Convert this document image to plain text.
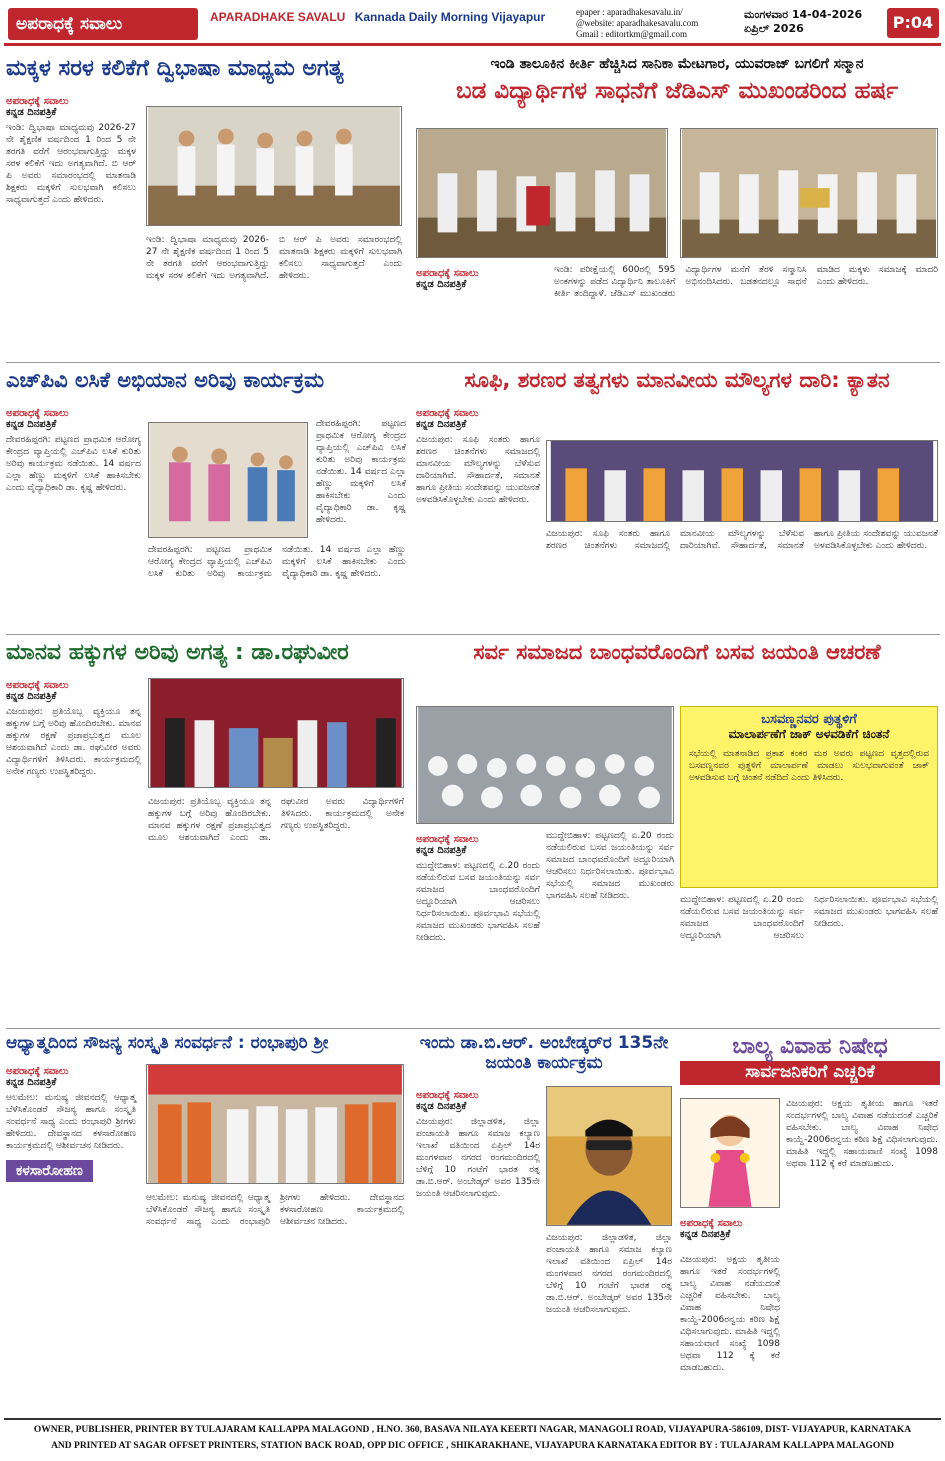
ಅಪರಾಧಕ್ಕೆ ಸವಾಲು	APARADHAKE SAVALU Kannada Daily Morning Vijayapur	epaper : aparadhakesavalu.in/
@website: aparadhakesavalu.com
Gmail : editortkm@gmail.com
ಮಂಗಳವಾರ 14-04-2026
ಏಪ್ರಿಲ್ 2026	P:04
ಮಕ್ಕಳ ಸರಳ ಕಲಿಕೆಗೆ ದ್ವಿಭಾಷಾ ಮಾಧ್ಯಮ ಅಗತ್ಯ
ಅಪರಾಧಕ್ಕೆ ಸವಾಲು
ಕನ್ನಡ ದಿನಪತ್ರಿಕೆ
ಇಂಡಿ: ದ್ವಿಭಾಷಾ ಮಾಧ್ಯಮವು 2026-27 ನೇ ಶೈಕ್ಷಣಿಕ ವರ್ಷದಿಂದ 1 ರಿಂದ 5 ನೇ ತರಗತಿ ವರೆಗೆ ಆರಂಭವಾಗುತ್ತಿದ್ದು ಮಕ್ಕಳ ಸರಳ ಕಲಿಕೆಗೆ ಇದು ಅಗತ್ಯವಾಗಿದೆ. ಬಿ ಆರ್ ಪಿ ಅವರು ಸಮಾರಂಭದಲ್ಲಿ ಮಾತನಾಡಿ ಶಿಕ್ಷಕರು ಮಕ್ಕಳಿಗೆ ಸುಲಭವಾಗಿ ಕಲಿಸಲು ಸಾಧ್ಯವಾಗುತ್ತದೆ ಎಂದು ಹೇಳಿದರು.
ಇಂಡಿ: ದ್ವಿಭಾಷಾ ಮಾಧ್ಯಮವು 2026-27 ನೇ ಶೈಕ್ಷಣಿಕ ವರ್ಷದಿಂದ 1 ರಿಂದ 5 ನೇ ತರಗತಿ ವರೆಗೆ ಆರಂಭವಾಗುತ್ತಿದ್ದು ಮಕ್ಕಳ ಸರಳ ಕಲಿಕೆಗೆ ಇದು ಅಗತ್ಯವಾಗಿದೆ. ಬಿ ಆರ್ ಪಿ ಅವರು ಸಮಾರಂಭದಲ್ಲಿ ಮಾತನಾಡಿ ಶಿಕ್ಷಕರು ಮಕ್ಕಳಿಗೆ ಸುಲಭವಾಗಿ ಕಲಿಸಲು ಸಾಧ್ಯವಾಗುತ್ತದೆ ಎಂದು ಹೇಳಿದರು.
ಇಂಡಿ ತಾಲೂಕಿನ ಕೀರ್ತಿ ಹೆಚ್ಚಿಸಿದ ಸಾನಿಕಾ ಮೇಟಗಾರ, ಯುವರಾಜ್ ಬಗಲಿಗೆ ಸನ್ಮಾನ
ಬಡ ವಿದ್ಯಾರ್ಥಿಗಳ ಸಾಧನೆಗೆ ಜೆಡಿಎಸ್ ಮುಖಂಡರಿಂದ ಹರ್ಷ
ಅಪರಾಧಕ್ಕೆ ಸವಾಲು
ಕನ್ನಡ ದಿನಪತ್ರಿಕೆ
ಇಂಡಿ: ಪರೀಕ್ಷೆಯಲ್ಲಿ 600ರಲ್ಲಿ 595 ಅಂಕಗಳನ್ನು ಪಡೆದ ವಿದ್ಯಾರ್ಥಿನಿ ತಾಲೂಕಿಗೆ ಕೀರ್ತಿ ತಂದಿದ್ದಾಳೆ. ಜೆಡಿಎಸ್ ಮುಖಂಡರು ವಿದ್ಯಾರ್ಥಿಗಳ ಮನೆಗೆ ತೆರಳಿ ಸನ್ಮಾನಿಸಿ ಅಭಿನಂದಿಸಿದರು. ಬಡತನದಲ್ಲೂ ಸಾಧನೆ ಮಾಡಿದ ಮಕ್ಕಳು ಸಮಾಜಕ್ಕೆ ಮಾದರಿ ಎಂದು ಹೇಳಿದರು.
ಎಚ್‌ಪಿವಿ ಲಸಿಕೆ ಅಭಿಯಾನ ಅರಿವು ಕಾರ್ಯಕ್ರಮ
ಅಪರಾಧಕ್ಕೆ ಸವಾಲು
ಕನ್ನಡ ದಿನಪತ್ರಿಕೆ
ದೇವರಹಿಪ್ಪರಗಿ: ಪಟ್ಟಣದ ಪ್ರಾಥಮಿಕ ಆರೋಗ್ಯ ಕೇಂದ್ರದ ವ್ಯಾಪ್ತಿಯಲ್ಲಿ ಎಚ್‌ಪಿವಿ ಲಸಿಕೆ ಕುರಿತು ಅರಿವು ಕಾರ್ಯಕ್ರಮ ನಡೆಯಿತು. 14 ವರ್ಷದ ಎಲ್ಲಾ ಹೆಣ್ಣು ಮಕ್ಕಳಿಗೆ ಲಸಿಕೆ ಹಾಕಿಸಬೇಕು ಎಂದು ವೈದ್ಯಾಧಿಕಾರಿ ಡಾ. ಕೃಷ್ಣ ಹೇಳಿದರು.
ದೇವರಹಿಪ್ಪರಗಿ: ಪಟ್ಟಣದ ಪ್ರಾಥಮಿಕ ಆರೋಗ್ಯ ಕೇಂದ್ರದ ವ್ಯಾಪ್ತಿಯಲ್ಲಿ ಎಚ್‌ಪಿವಿ ಲಸಿಕೆ ಕುರಿತು ಅರಿವು ಕಾರ್ಯಕ್ರಮ ನಡೆಯಿತು. 14 ವರ್ಷದ ಎಲ್ಲಾ ಹೆಣ್ಣು ಮಕ್ಕಳಿಗೆ ಲಸಿಕೆ ಹಾಕಿಸಬೇಕು ಎಂದು ವೈದ್ಯಾಧಿಕಾರಿ ಡಾ. ಕೃಷ್ಣ ಹೇಳಿದರು.
ದೇವರಹಿಪ್ಪರಗಿ: ಪಟ್ಟಣದ ಪ್ರಾಥಮಿಕ ಆರೋಗ್ಯ ಕೇಂದ್ರದ ವ್ಯಾಪ್ತಿಯಲ್ಲಿ ಎಚ್‌ಪಿವಿ ಲಸಿಕೆ ಕುರಿತು ಅರಿವು ಕಾರ್ಯಕ್ರಮ ನಡೆಯಿತು. 14 ವರ್ಷದ ಎಲ್ಲಾ ಹೆಣ್ಣು ಮಕ್ಕಳಿಗೆ ಲಸಿಕೆ ಹಾಕಿಸಬೇಕು ಎಂದು ವೈದ್ಯಾಧಿಕಾರಿ ಡಾ. ಕೃಷ್ಣ ಹೇಳಿದರು.
ಸೂಫಿ, ಶರಣರ ತತ್ವಗಳು ಮಾನವೀಯ ಮೌಲ್ಯಗಳ ದಾರಿ: ಕ್ಯಾತನ
ಅಪರಾಧಕ್ಕೆ ಸವಾಲು
ಕನ್ನಡ ದಿನಪತ್ರಿಕೆ
ವಿಜಯಪುರ: ಸೂಫಿ ಸಂತರು ಹಾಗೂ ಶರಣರ ಚಿಂತನೆಗಳು ಸಮಾಜದಲ್ಲಿ ಮಾನವೀಯ ಮೌಲ್ಯಗಳನ್ನು ಬೆಳೆಸುವ ದಾರಿಯಾಗಿವೆ. ಸೌಹಾರ್ದತೆ, ಸಮಾನತೆ ಹಾಗೂ ಪ್ರೀತಿಯ ಸಂದೇಶವನ್ನು ಯುವಜನತೆ ಅಳವಡಿಸಿಕೊಳ್ಳಬೇಕು ಎಂದು ಹೇಳಿದರು.
ವಿಜಯಪುರ: ಸೂಫಿ ಸಂತರು ಹಾಗೂ ಶರಣರ ಚಿಂತನೆಗಳು ಸಮಾಜದಲ್ಲಿ ಮಾನವೀಯ ಮೌಲ್ಯಗಳನ್ನು ಬೆಳೆಸುವ ದಾರಿಯಾಗಿವೆ. ಸೌಹಾರ್ದತೆ, ಸಮಾನತೆ ಹಾಗೂ ಪ್ರೀತಿಯ ಸಂದೇಶವನ್ನು ಯುವಜನತೆ ಅಳವಡಿಸಿಕೊಳ್ಳಬೇಕು ಎಂದು ಹೇಳಿದರು.
ಮಾನವ ಹಕ್ಕುಗಳ ಅರಿವು ಅಗತ್ಯ : ಡಾ.ರಘುವೀರ
ಅಪರಾಧಕ್ಕೆ ಸವಾಲು
ಕನ್ನಡ ದಿನಪತ್ರಿಕೆ
ವಿಜಯಪುರ: ಪ್ರತಿಯೊಬ್ಬ ವ್ಯಕ್ತಿಯೂ ತನ್ನ ಹಕ್ಕುಗಳ ಬಗ್ಗೆ ಅರಿವು ಹೊಂದಿರಬೇಕು. ಮಾನವ ಹಕ್ಕುಗಳ ರಕ್ಷಣೆ ಪ್ರಜಾಪ್ರಭುತ್ವದ ಮೂಲ ಆಶಯವಾಗಿದೆ ಎಂದು ಡಾ. ರಘುವೀರ ಅವರು ವಿದ್ಯಾರ್ಥಿಗಳಿಗೆ ತಿಳಿಸಿದರು. ಕಾರ್ಯಕ್ರಮದಲ್ಲಿ ಅನೇಕ ಗಣ್ಯರು ಉಪಸ್ಥಿತರಿದ್ದರು.
ವಿಜಯಪುರ: ಪ್ರತಿಯೊಬ್ಬ ವ್ಯಕ್ತಿಯೂ ತನ್ನ ಹಕ್ಕುಗಳ ಬಗ್ಗೆ ಅರಿವು ಹೊಂದಿರಬೇಕು. ಮಾನವ ಹಕ್ಕುಗಳ ರಕ್ಷಣೆ ಪ್ರಜಾಪ್ರಭುತ್ವದ ಮೂಲ ಆಶಯವಾಗಿದೆ ಎಂದು ಡಾ. ರಘುವೀರ ಅವರು ವಿದ್ಯಾರ್ಥಿಗಳಿಗೆ ತಿಳಿಸಿದರು. ಕಾರ್ಯಕ್ರಮದಲ್ಲಿ ಅನೇಕ ಗಣ್ಯರು ಉಪಸ್ಥಿತರಿದ್ದರು.
ಸರ್ವ ಸಮಾಜದ ಬಾಂಧವರೊಂದಿಗೆ ಬಸವ ಜಯಂತಿ ಆಚರಣೆ
ಅಪರಾಧಕ್ಕೆ ಸವಾಲು
ಕನ್ನಡ ದಿನಪತ್ರಿಕೆ
ಮುದ್ದೇಬಿಹಾಳ: ಪಟ್ಟಣದಲ್ಲಿ ಏ.20 ರಂದು ನಡೆಯಲಿರುವ ಬಸವ ಜಯಂತಿಯನ್ನು ಸರ್ವ ಸಮಾಜದ ಬಾಂಧವರೊಂದಿಗೆ ಅದ್ದೂರಿಯಾಗಿ ಆಚರಿಸಲು ನಿರ್ಧರಿಸಲಾಯಿತು. ಪೂರ್ವಭಾವಿ ಸಭೆಯಲ್ಲಿ ಸಮಾಜದ ಮುಖಂಡರು ಭಾಗವಹಿಸಿ ಸಲಹೆ ನೀಡಿದರು.
ಮುದ್ದೇಬಿಹಾಳ: ಪಟ್ಟಣದಲ್ಲಿ ಏ.20 ರಂದು ನಡೆಯಲಿರುವ ಬಸವ ಜಯಂತಿಯನ್ನು ಸರ್ವ ಸಮಾಜದ ಬಾಂಧವರೊಂದಿಗೆ ಅದ್ದೂರಿಯಾಗಿ ಆಚರಿಸಲು ನಿರ್ಧರಿಸಲಾಯಿತು. ಪೂರ್ವಭಾವಿ ಸಭೆಯಲ್ಲಿ ಸಮಾಜದ ಮುಖಂಡರು ಭಾಗವಹಿಸಿ ಸಲಹೆ ನೀಡಿದರು.
ಬಸವಣ್ಣನವರ ಪುತ್ಥಳಿಗೆ
ಮಾಲಾರ್ಪಣೆಗೆ ಜಾಕ್ ಅಳವಡಿಕೆಗೆ ಚಿಂತನೆ
ಸಭೆಯಲ್ಲಿ ಮಾತನಾಡಿದ ಪ್ರಕಾಶ ಕಂಕರ ಮಠ ಅವರು ಪಟ್ಟಣದ ವೃತ್ತದಲ್ಲಿರುವ ಬಸವಣ್ಣನವರ ಪುತ್ಥಳಿಗೆ ಮಾಲಾರ್ಪಣೆ ಮಾಡಲು ಸುಲಭವಾಗುವಂತೆ ಜಾಕ್ ಅಳವಡಿಸುವ ಬಗ್ಗೆ ಚಿಂತನೆ ನಡೆದಿದೆ ಎಂದು ತಿಳಿಸಿದರು.
ಮುದ್ದೇಬಿಹಾಳ: ಪಟ್ಟಣದಲ್ಲಿ ಏ.20 ರಂದು ನಡೆಯಲಿರುವ ಬಸವ ಜಯಂತಿಯನ್ನು ಸರ್ವ ಸಮಾಜದ ಬಾಂಧವರೊಂದಿಗೆ ಅದ್ದೂರಿಯಾಗಿ ಆಚರಿಸಲು ನಿರ್ಧರಿಸಲಾಯಿತು. ಪೂರ್ವಭಾವಿ ಸಭೆಯಲ್ಲಿ ಸಮಾಜದ ಮುಖಂಡರು ಭಾಗವಹಿಸಿ ಸಲಹೆ ನೀಡಿದರು.
ಆಧ್ಯಾತ್ಮದಿಂದ ಸೌಜನ್ಯ ಸಂಸ್ಕೃತಿ ಸಂವರ್ಧನೆ : ರಂಭಾಪುರಿ ಶ್ರೀ
ಅಪರಾಧಕ್ಕೆ ಸವಾಲು
ಕನ್ನಡ ದಿನಪತ್ರಿಕೆ
ಆಲಮೇಲ: ಮನುಷ್ಯ ಜೀವನದಲ್ಲಿ ಆಧ್ಯಾತ್ಮ ಬೆಳೆಸಿಕೊಂಡರೆ ಸೌಜನ್ಯ ಹಾಗೂ ಸಂಸ್ಕೃತಿ ಸಂವರ್ಧನೆ ಸಾಧ್ಯ ಎಂದು ರಂಭಾಪುರಿ ಶ್ರೀಗಳು ಹೇಳಿದರು. ದೇವಸ್ಥಾನದ ಕಳಸಾರೋಹಣ ಕಾರ್ಯಕ್ರಮದಲ್ಲಿ ಆಶೀರ್ವಚನ ನೀಡಿದರು.
ಕಳಸಾರೋಹಣ
ಆಲಮೇಲ: ಮನುಷ್ಯ ಜೀವನದಲ್ಲಿ ಆಧ್ಯಾತ್ಮ ಬೆಳೆಸಿಕೊಂಡರೆ ಸೌಜನ್ಯ ಹಾಗೂ ಸಂಸ್ಕೃತಿ ಸಂವರ್ಧನೆ ಸಾಧ್ಯ ಎಂದು ರಂಭಾಪುರಿ ಶ್ರೀಗಳು ಹೇಳಿದರು. ದೇವಸ್ಥಾನದ ಕಳಸಾರೋಹಣ ಕಾರ್ಯಕ್ರಮದಲ್ಲಿ ಆಶೀರ್ವಚನ ನೀಡಿದರು.
ಇಂದು ಡಾ.ಬಿ.ಆರ್. ಅಂಬೇಡ್ಕರ್‌ರ 135ನೇ ಜಯಂತಿ ಕಾರ್ಯಕ್ರಮ
ಅಪರಾಧಕ್ಕೆ ಸವಾಲು
ಕನ್ನಡ ದಿನಪತ್ರಿಕೆ
ವಿಜಯಪುರ: ಜಿಲ್ಲಾಡಳಿತ, ಜಿಲ್ಲಾ ಪಂಚಾಯತಿ ಹಾಗೂ ಸಮಾಜ ಕಲ್ಯಾಣ ಇಲಾಖೆ ವತಿಯಿಂದ ಏಪ್ರಿಲ್ 14ರ ಮಂಗಳವಾರ ನಗರದ ರಂಗಮಂದಿರದಲ್ಲಿ ಬೆಳಿಗ್ಗೆ 10 ಗಂಟೆಗೆ ಭಾರತ ರತ್ನ ಡಾ.ಬಿ.ಆರ್. ಅಂಬೇಡ್ಕರ್ ಅವರ 135ನೇ ಜಯಂತಿ ಆಚರಿಸಲಾಗುವುದು.
ವಿಜಯಪುರ: ಜಿಲ್ಲಾಡಳಿತ, ಜಿಲ್ಲಾ ಪಂಚಾಯತಿ ಹಾಗೂ ಸಮಾಜ ಕಲ್ಯಾಣ ಇಲಾಖೆ ವತಿಯಿಂದ ಏಪ್ರಿಲ್ 14ರ ಮಂಗಳವಾರ ನಗರದ ರಂಗಮಂದಿರದಲ್ಲಿ ಬೆಳಿಗ್ಗೆ 10 ಗಂಟೆಗೆ ಭಾರತ ರತ್ನ ಡಾ.ಬಿ.ಆರ್. ಅಂಬೇಡ್ಕರ್ ಅವರ 135ನೇ ಜಯಂತಿ ಆಚರಿಸಲಾಗುವುದು.
ಬಾಲ್ಯ ವಿವಾಹ ನಿಷೇಧ
ಸಾರ್ವಜನಿಕರಿಗೆ ಎಚ್ಚರಿಕೆ
ಅಪರಾಧಕ್ಕೆ ಸವಾಲು
ಕನ್ನಡ ದಿನಪತ್ರಿಕೆ
ವಿಜಯಪುರ: ಅಕ್ಷಯ ತೃತೀಯ ಹಾಗೂ ಇತರೆ ಸಂದರ್ಭಗಳಲ್ಲಿ ಬಾಲ್ಯ ವಿವಾಹ ನಡೆಯದಂತೆ ಎಚ್ಚರಿಕೆ ವಹಿಸಬೇಕು. ಬಾಲ್ಯ ವಿವಾಹ ನಿಷೇಧ ಕಾಯ್ದೆ-2006ರನ್ವಯ ಕಠಿಣ ಶಿಕ್ಷೆ ವಿಧಿಸಲಾಗುವುದು. ಮಾಹಿತಿ ಇದ್ದಲ್ಲಿ ಸಹಾಯವಾಣಿ ಸಂಖ್ಯೆ 1098 ಅಥವಾ 112 ಕ್ಕೆ ಕರೆ ಮಾಡಬಹುದು.
ವಿಜಯಪುರ: ಅಕ್ಷಯ ತೃತೀಯ ಹಾಗೂ ಇತರೆ ಸಂದರ್ಭಗಳಲ್ಲಿ ಬಾಲ್ಯ ವಿವಾಹ ನಡೆಯದಂತೆ ಎಚ್ಚರಿಕೆ ವಹಿಸಬೇಕು. ಬಾಲ್ಯ ವಿವಾಹ ನಿಷೇಧ ಕಾಯ್ದೆ-2006ರನ್ವಯ ಕಠಿಣ ಶಿಕ್ಷೆ ವಿಧಿಸಲಾಗುವುದು. ಮಾಹಿತಿ ಇದ್ದಲ್ಲಿ ಸಹಾಯವಾಣಿ ಸಂಖ್ಯೆ 1098 ಅಥವಾ 112 ಕ್ಕೆ ಕರೆ ಮಾಡಬಹುದು.
OWNER, PUBLISHER, PRINTER BY TULAJARAM KALLAPPA MALAGOND , H.NO. 360, BASAVA NILAYA KEERTI NAGAR, MANAGOLI ROAD, VIJAYAPURA-586109, DIST- VIJAYAPUR, KARNATAKA
AND PRINTED AT SAGAR OFFSET PRINTERS, STATION BACK ROAD, OPP DIC OFFICE , SHIKARAKHANE, VIJAYAPURA KARNATAKA EDITOR BY : TULAJARAM KALLAPPA MALAGOND
